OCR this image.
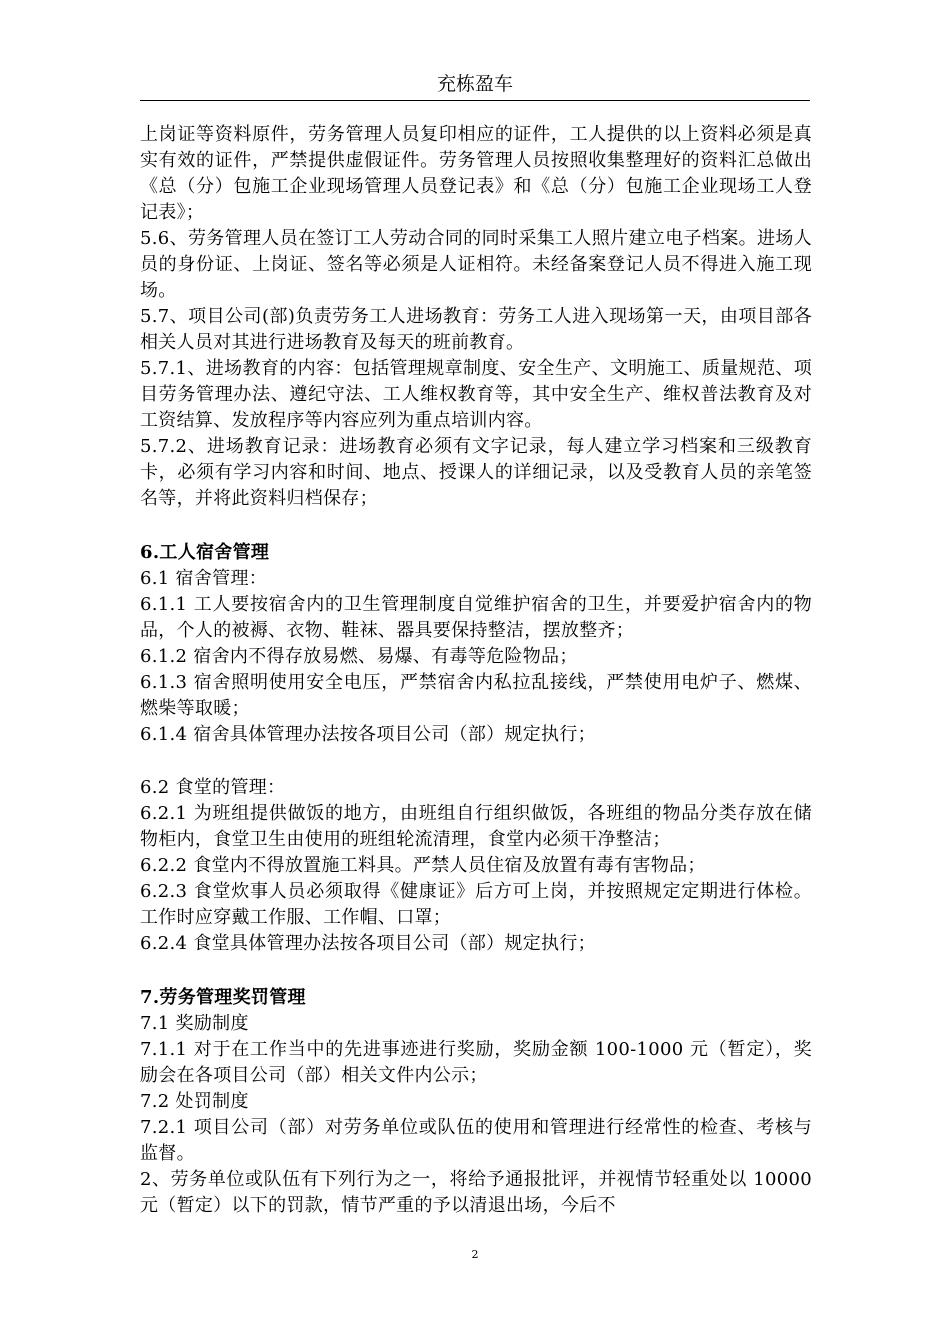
充栋盈车

上岗证等资料原件，劳务管理人员复印相应的证件，工人提供的以上资料必须是真实有效的证件，严禁提供虚假证件。劳务管理人员按照收集整理好的资料汇总做出《总（分）包施工企业现场管理人员登记表》和《总（分）包施工企业现场工人登记表》；

5.6、劳务管理人员在签订工人劳动合同的同时采集工人照片建立电子档案。进场人员的身份证、上岗证、签名等必须是人证相符。未经备案登记人员不得进入施工现场。

5.7、项目公司(部)负责劳务工人进场教育：劳务工人进入现场第一天，由项目部各相关人员对其进行进场教育及每天的班前教育。

5.7.1、进场教育的内容：包括管理规章制度、安全生产、文明施工、质量规范、项目劳务管理办法、遵纪守法、工人维权教育等，其中安全生产、维权普法教育及对工资结算、发放程序等内容应列为重点培训内容。

5.7.2、进场教育记录：进场教育必须有文字记录，每人建立学习档案和三级教育卡，必须有学习内容和时间、地点、授课人的详细记录，以及受教育人员的亲笔签名等，并将此资料归档保存；

6.工人宿舍管理

6.1 宿舍管理：

6.1.1 工人要按宿舍内的卫生管理制度自觉维护宿舍的卫生，并要爱护宿舍内的物品，个人的被褥、衣物、鞋袜、器具要保持整洁，摆放整齐；

6.1.2 宿舍内不得存放易燃、易爆、有毒等危险物品；

6.1.3 宿舍照明使用安全电压，严禁宿舍内私拉乱接线，严禁使用电炉子、燃煤、燃柴等取暖；

6.1.4 宿舍具体管理办法按各项目公司（部）规定执行；

6.2 食堂的管理：

6.2.1 为班组提供做饭的地方，由班组自行组织做饭，各班组的物品分类存放在储物柜内，食堂卫生由使用的班组轮流清理，食堂内必须干净整洁；

6.2.2 食堂内不得放置施工料具。严禁人员住宿及放置有毒有害物品；

6.2.3 食堂炊事人员必须取得《健康证》后方可上岗，并按照规定定期进行体检。工作时应穿戴工作服、工作帽、口罩；

6.2.4 食堂具体管理办法按各项目公司（部）规定执行；

7.劳务管理奖罚管理

7.1 奖励制度

7.1.1 对于在工作当中的先进事迹进行奖励，奖励金额 100-1000 元（暂定），奖励会在各项目公司（部）相关文件内公示；

7.2 处罚制度

7.2.1 项目公司（部）对劳务单位或队伍的使用和管理进行经常性的检查、考核与监督。

2、劳务单位或队伍有下列行为之一，将给予通报批评，并视情节轻重处以 10000 元（暂定）以下的罚款，情节严重的予以清退出场，今后不

2
